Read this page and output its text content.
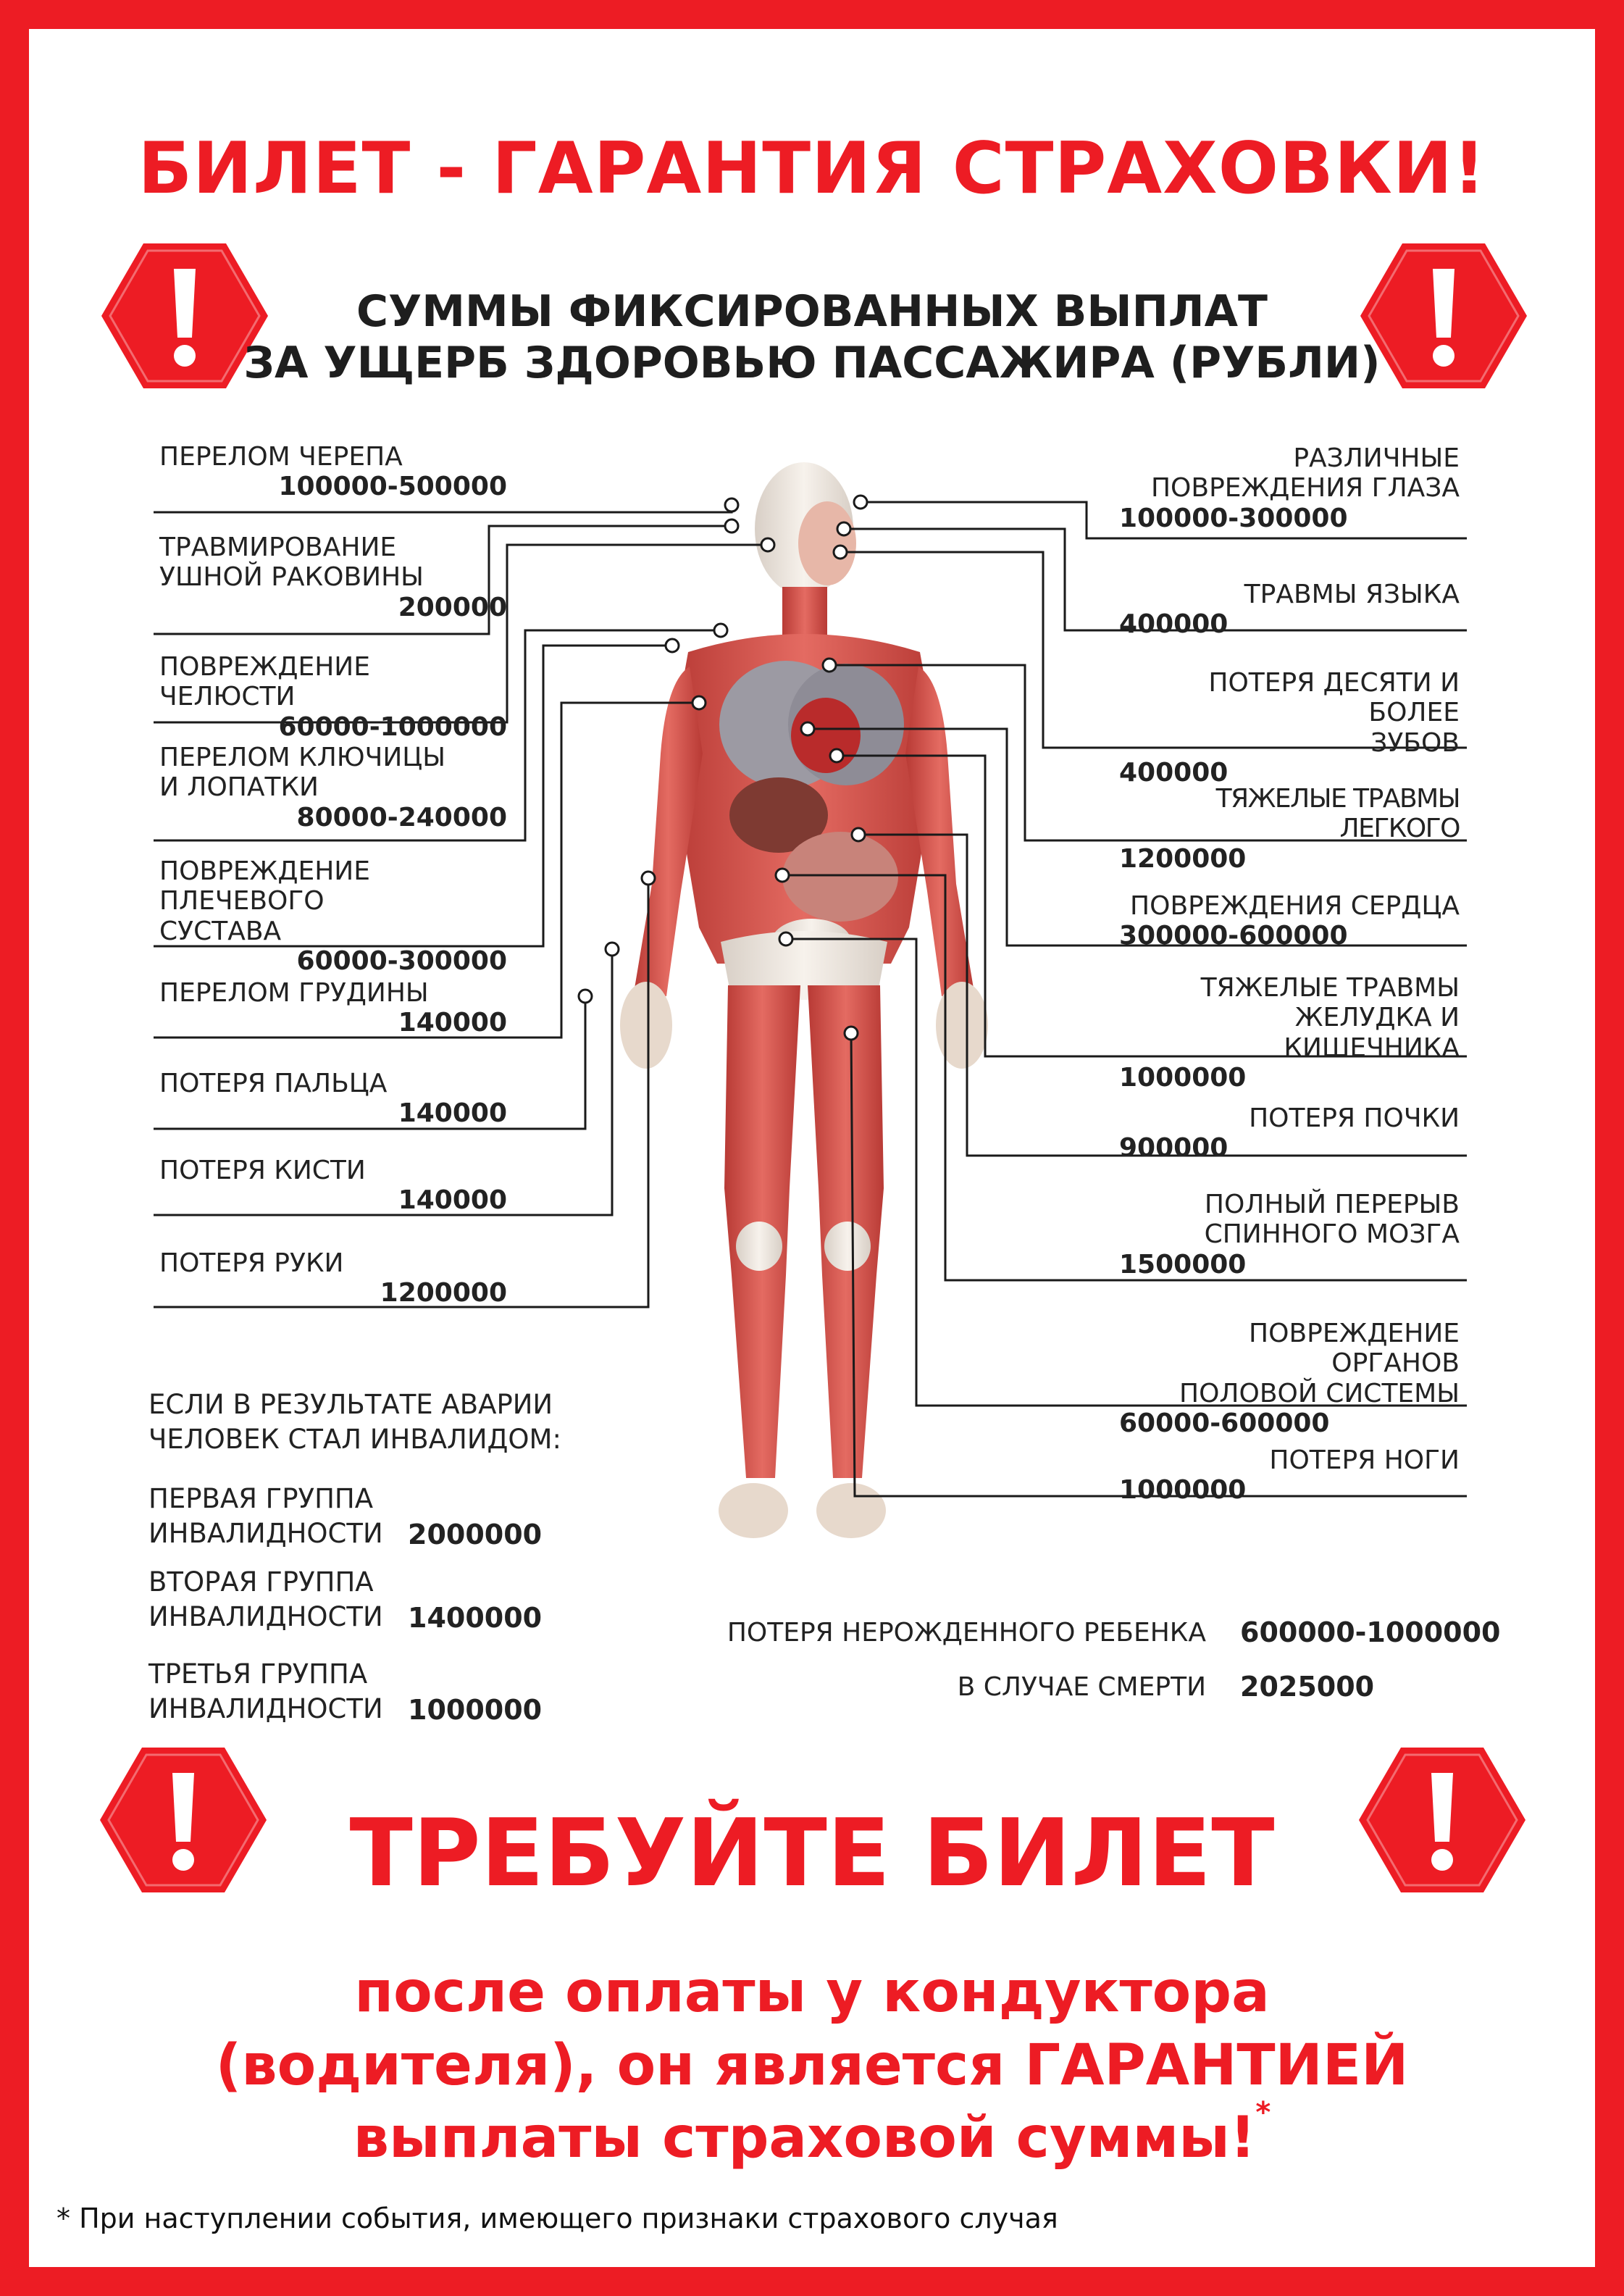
БИЛЕТ - ГАРАНТИЯ СТРАХОВКИ!
СУММЫ ФИКСИРОВАННЫХ ВЫПЛАТ
ЗА УЩЕРБ ЗДОРОВЬЮ ПАССАЖИРА (РУБЛИ)
ПЕРЕЛОМ ЧЕРЕПА
100000-500000
ТРАВМИРОВАНИЕ
УШНОЙ РАКОВИНЫ
200000
ПОВРЕЖДЕНИЕ ЧЕЛЮСТИ
60000-1000000
ПЕРЕЛОМ КЛЮЧИЦЫ
И ЛОПАТКИ
80000-240000
ПОВРЕЖДЕНИЕ ПЛЕЧЕВОГО
СУСТАВА
60000-300000
ПЕРЕЛОМ ГРУДИНЫ
140000
ПОТЕРЯ ПАЛЬЦА
140000
ПОТЕРЯ КИСТИ
140000
ПОТЕРЯ РУКИ
1200000
РАЗЛИЧНЫЕ
ПОВРЕЖДЕНИЯ ГЛАЗА
100000-300000
ТРАВМЫ ЯЗЫКА
400000
ПОТЕРЯ ДЕСЯТИ И БОЛЕЕ
ЗУБОВ
400000
ТЯЖЕЛЫЕ ТРАВМЫ ЛЕГКОГО
1200000
ПОВРЕЖДЕНИЯ СЕРДЦА
300000-600000
ТЯЖЕЛЫЕ ТРАВМЫ
ЖЕЛУДКА И КИШЕЧНИКА
1000000
ПОТЕРЯ ПОЧКИ
900000
ПОЛНЫЙ ПЕРЕРЫВ
СПИННОГО МОЗГА
1500000
ПОВРЕЖДЕНИЕ ОРГАНОВ
ПОЛОВОЙ СИСТЕМЫ
60000-600000
ПОТЕРЯ НОГИ
1000000
ЕСЛИ В РЕЗУЛЬТАТЕ АВАРИИ
ЧЕЛОВЕК СТАЛ ИНВАЛИДОМ:
ПЕРВАЯ ГРУППА
ИНВАЛИДНОСТИ 2000000
ВТОРАЯ ГРУППА
ИНВАЛИДНОСТИ 1400000
ТРЕТЬЯ ГРУППА
ИНВАЛИДНОСТИ 1000000
ПОТЕРЯ НЕРОЖДЕННОГО РЕБЕНКА 600000-1000000
В СЛУЧАЕ СМЕРТИ 2025000
ТРЕБУЙТЕ БИЛЕТ
после оплаты у кондуктора
(водителя), он является ГАРАНТИЕЙ
выплаты страховой суммы!*
* При наступлении события, имеющего признаки страхового случая
